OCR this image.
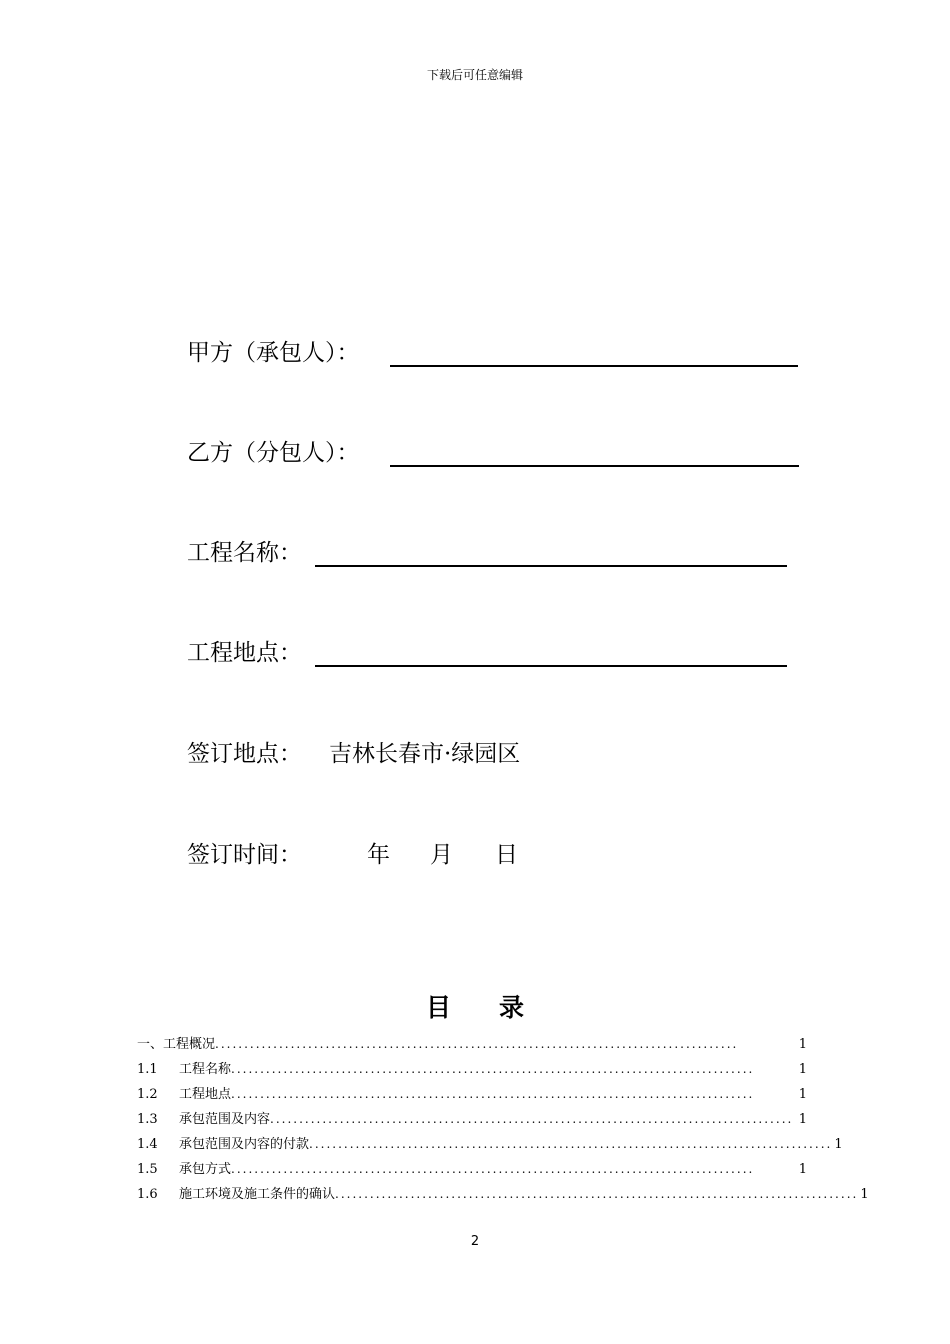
下载后可任意编辑
甲方（承包人）：
乙方（分包人）：
工程名称：
工程地点：
签订地点： 吉林长春市·绿园区
签订时间：	年 月 日
目录
一、工程概况 ..........................................................................................	1
1.1	工程名称 ..........................................................................................	1
1.2	工程地点 ..........................................................................................	1
1.3	承包范围及内容 .......................................................................................... 1
1.4	承包范围及内容的付款 .......................................................................................... 1
1.5	承包方式 ..........................................................................................	1
1.6	施工环境及施工条件的确认 .......................................................................................... 1
2
